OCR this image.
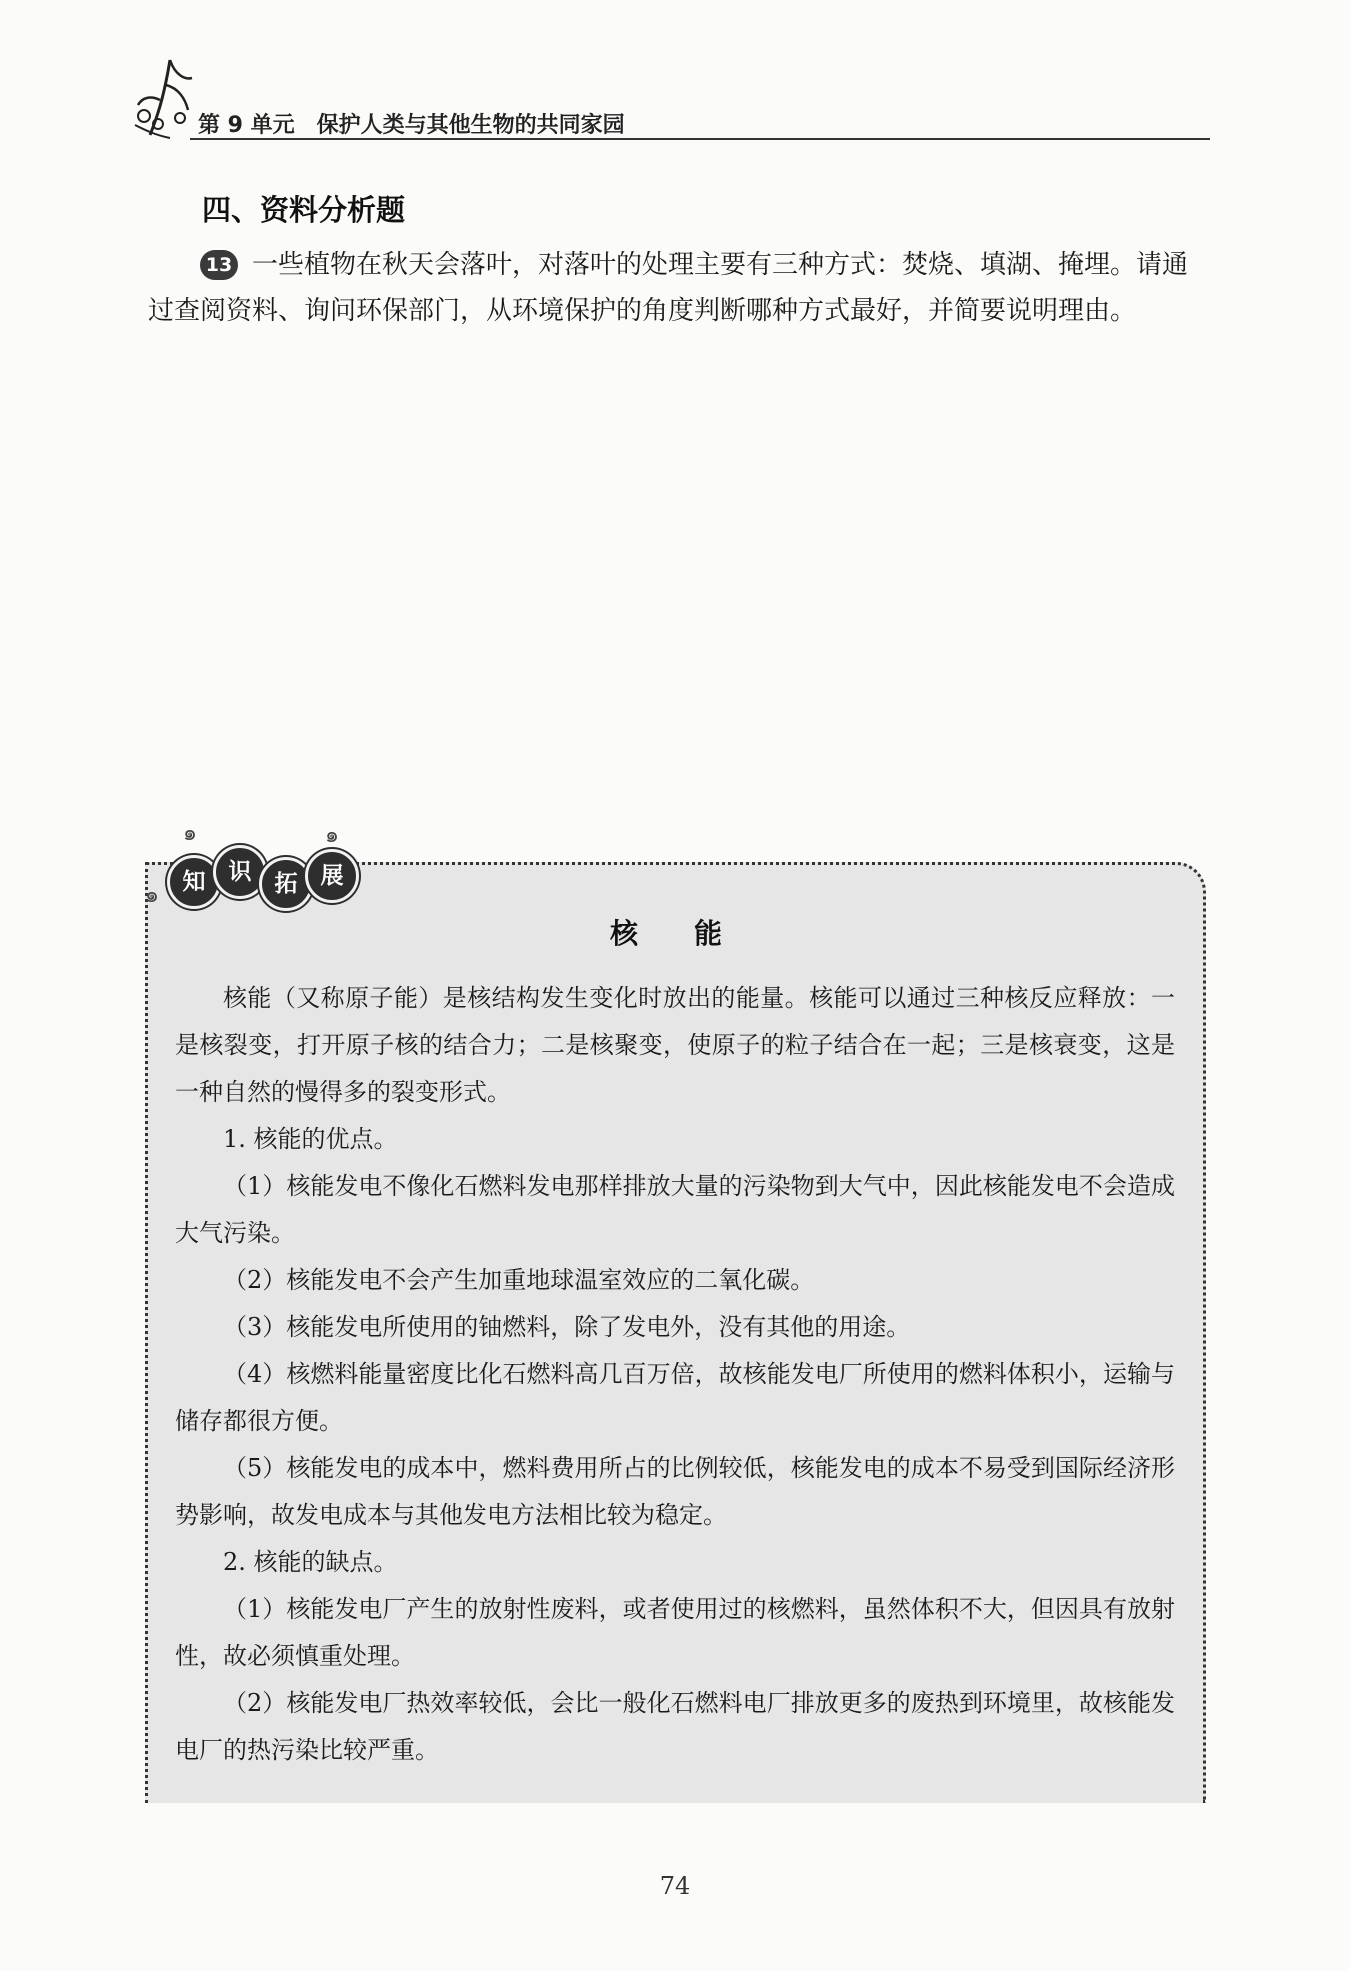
第 9 单元 保护人类与其他生物的共同家园
四、资料分析题
13 一些植物在秋天会落叶，对落叶的处理主要有三种方式：焚烧、填湖、掩埋。请通过查阅资料、询问环保部门，从环境保护的角度判断哪种方式最好，并简要说明理由。
๑	๑
๑
知	识	拓	展
核能

核能（又称原子能）是核结构发生变化时放出的能量。核能可以通过三种核反应释放：一是核裂变，打开原子核的结合力；二是核聚变，使原子的粒子结合在一起；三是核衰变，这是一种自然的慢得多的裂变形式。

1. 核能的优点。

（1）核能发电不像化石燃料发电那样排放大量的污染物到大气中，因此核能发电不会造成大气污染。

（2）核能发电不会产生加重地球温室效应的二氧化碳。

（3）核能发电所使用的铀燃料，除了发电外，没有其他的用途。

（4）核燃料能量密度比化石燃料高几百万倍，故核能发电厂所使用的燃料体积小，运输与储存都很方便。

（5）核能发电的成本中，燃料费用所占的比例较低，核能发电的成本不易受到国际经济形势影响，故发电成本与其他发电方法相比较为稳定。

2. 核能的缺点。

（1）核能发电厂产生的放射性废料，或者使用过的核燃料，虽然体积不大，但因具有放射性，故必须慎重处理。

（2）核能发电厂热效率较低，会比一般化石燃料电厂排放更多的废热到环境里，故核能发电厂的热污染比较严重。

74
